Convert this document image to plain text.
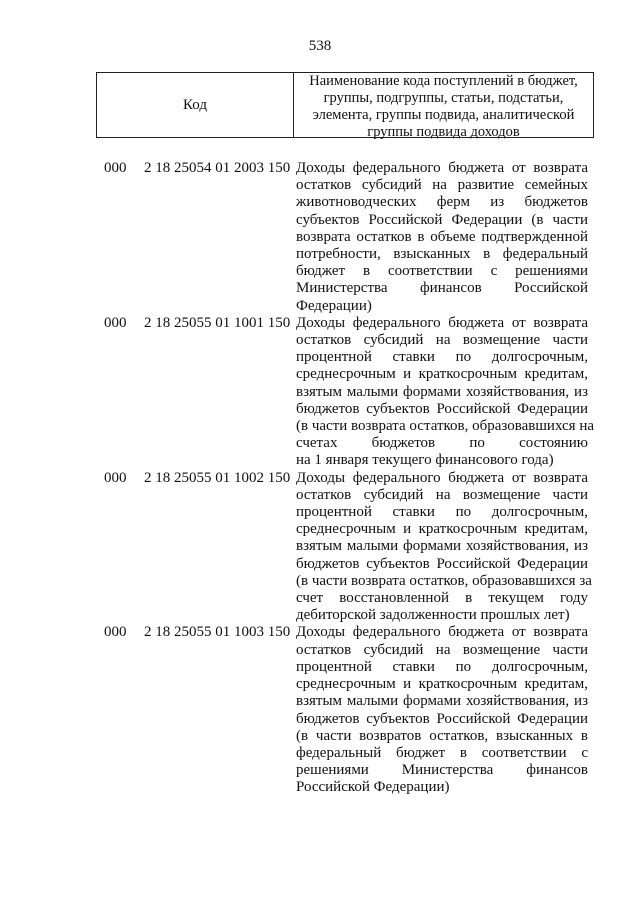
538
Код
Наименование кода поступлений в бюджет,
группы, подгруппы, статьи, подстатьи,
элемента, группы подвида, аналитической
группы подвида доходов
000	2 18 25054 01 2003 150 Доходы федерального бюджета от возврата
остатков субсидий на развитие семейных
животноводческих ферм из бюджетов
субъектов Российской Федерации (в части
возврата остатков в объеме подтвержденной
потребности, взысканных в федеральный
бюджет в соответствии с решениями
Министерства финансов Российской
Федерации)
000	2 18 25055 01 1001 150 Доходы федерального бюджета от возврата
остатков субсидий на возмещение части
процентной ставки по долгосрочным,
среднесрочным и краткосрочным кредитам,
взятым малыми формами хозяйствования, из
бюджетов субъектов Российской Федерации
(в части возврата остатков, образовавшихся на
счетах бюджетов по состоянию
на 1 января текущего финансового года)
000	2 18 25055 01 1002 150 Доходы федерального бюджета от возврата
остатков субсидий на возмещение части
процентной ставки по долгосрочным,
среднесрочным и краткосрочным кредитам,
взятым малыми формами хозяйствования, из
бюджетов субъектов Российской Федерации
(в части возврата остатков, образовавшихся за
счет восстановленной в текущем году
дебиторской задолженности прошлых лет)
000	2 18 25055 01 1003 150 Доходы федерального бюджета от возврата
остатков субсидий на возмещение части
процентной ставки по долгосрочным,
среднесрочным и краткосрочным кредитам,
взятым малыми формами хозяйствования, из
бюджетов субъектов Российской Федерации
(в части возвратов остатков, взысканных в
федеральный бюджет в соответствии с
решениями Министерства финансов
Российской Федерации)
